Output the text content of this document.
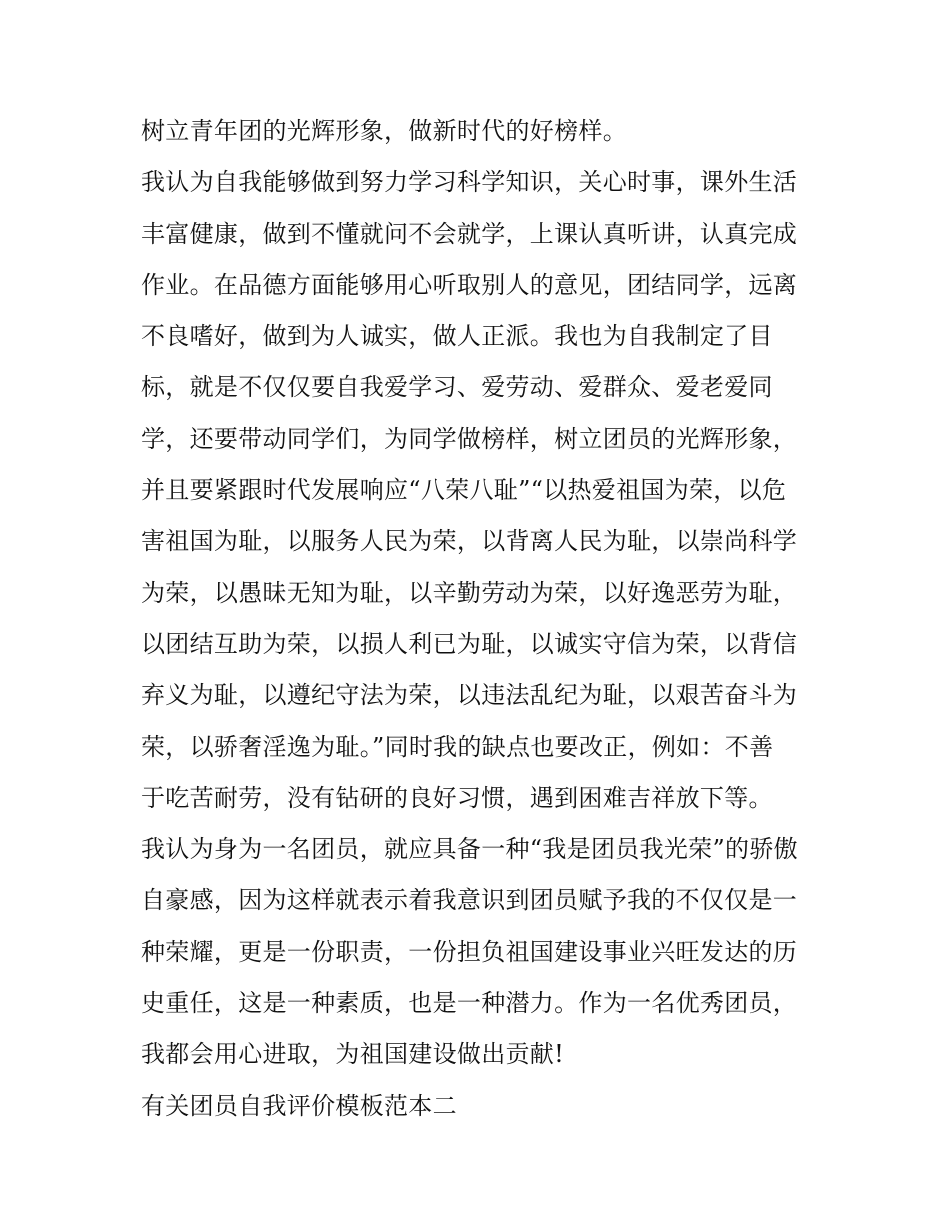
树立青年团的光辉形象，做新时代的好榜样。
我认为自我能够做到努力学习科学知识，关心时事，课外生活
丰富健康，做到不懂就问不会就学，上课认真听讲，认真完成
作业。在品德方面能够用心听取别人的意见，团结同学，远离
不良嗜好，做到为人诚实，做人正派。我也为自我制定了目
标，就是不仅仅要自我爱学习、爱劳动、爱群众、爱老爱同
学，还要带动同学们，为同学做榜样，树立团员的光辉形象，
并且要紧跟时代发展响应“八荣八耻”“以热爱祖国为荣，以危
害祖国为耻，以服务人民为荣，以背离人民为耻，以崇尚科学
为荣，以愚昧无知为耻，以辛勤劳动为荣，以好逸恶劳为耻，
以团结互助为荣，以损人利已为耻，以诚实守信为荣，以背信
弃义为耻，以遵纪守法为荣，以违法乱纪为耻，以艰苦奋斗为
荣，以骄奢淫逸为耻。”同时我的缺点也要改正，例如：不善
于吃苦耐劳，没有钻研的良好习惯，遇到困难吉祥放下等。
我认为身为一名团员，就应具备一种“我是团员我光荣”的骄傲
自豪感，因为这样就表示着我意识到团员赋予我的不仅仅是一
种荣耀，更是一份职责，一份担负祖国建设事业兴旺发达的历
史重任，这是一种素质，也是一种潜力。作为一名优秀团员，
我都会用心进取，为祖国建设做出贡献!
有关团员自我评价模板范本二
